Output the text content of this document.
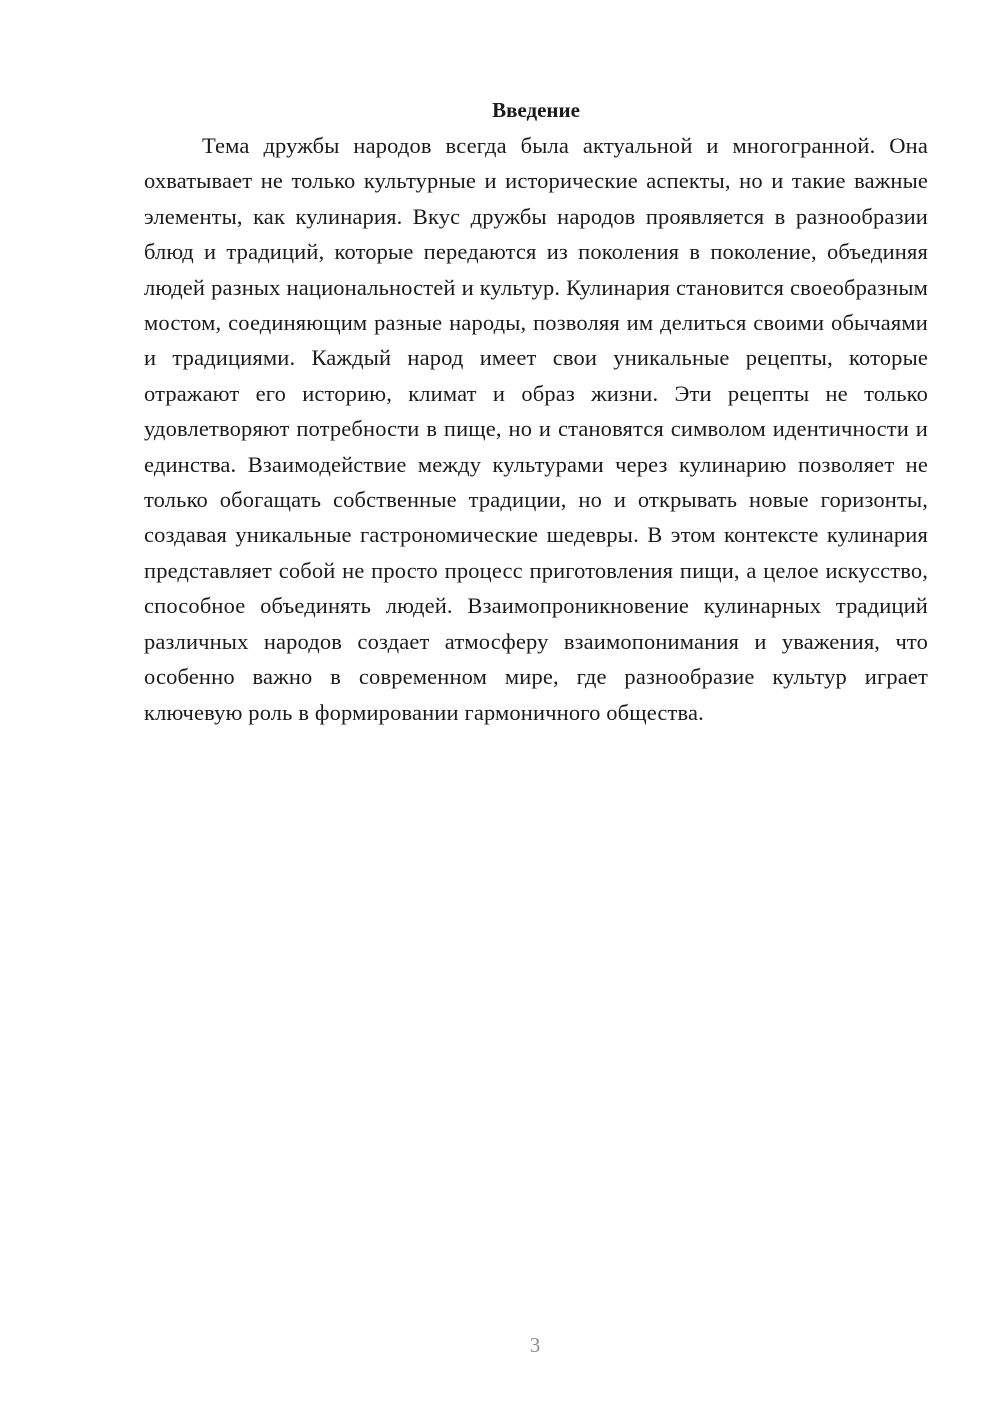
Введение

Тема дружбы народов всегда была актуальной и многогранной. Она охватывает не только культурные и исторические аспекты, но и такие важные элементы, как кулинария. Вкус дружбы народов проявляется в разнообразии блюд и традиций, которые передаются из поколения в поколение, объединяя людей разных национальностей и культур. Кулинария становится своеобразным мостом, соединяющим разные народы, позволяя им делиться своими обычаями и традициями. Каждый народ имеет свои уникальные рецепты, которые отражают его историю, климат и образ жизни. Эти рецепты не только удовлетворяют потребности в пище, но и становятся символом идентичности и единства. Взаимодействие между культурами через кулинарию позволяет не только обогащать собственные традиции, но и открывать новые горизонты, создавая уникальные гастрономические шедевры. В этом контексте кулинария представляет собой не просто процесс приготовления пищи, а целое искусство, способное объединять людей. Взаимопроникновение кулинарных традиций различных народов создает атмосферу взаимопонимания и уважения, что особенно важно в современном мире, где разнообразие культур играет ключевую роль в формировании гармоничного общества.

3
